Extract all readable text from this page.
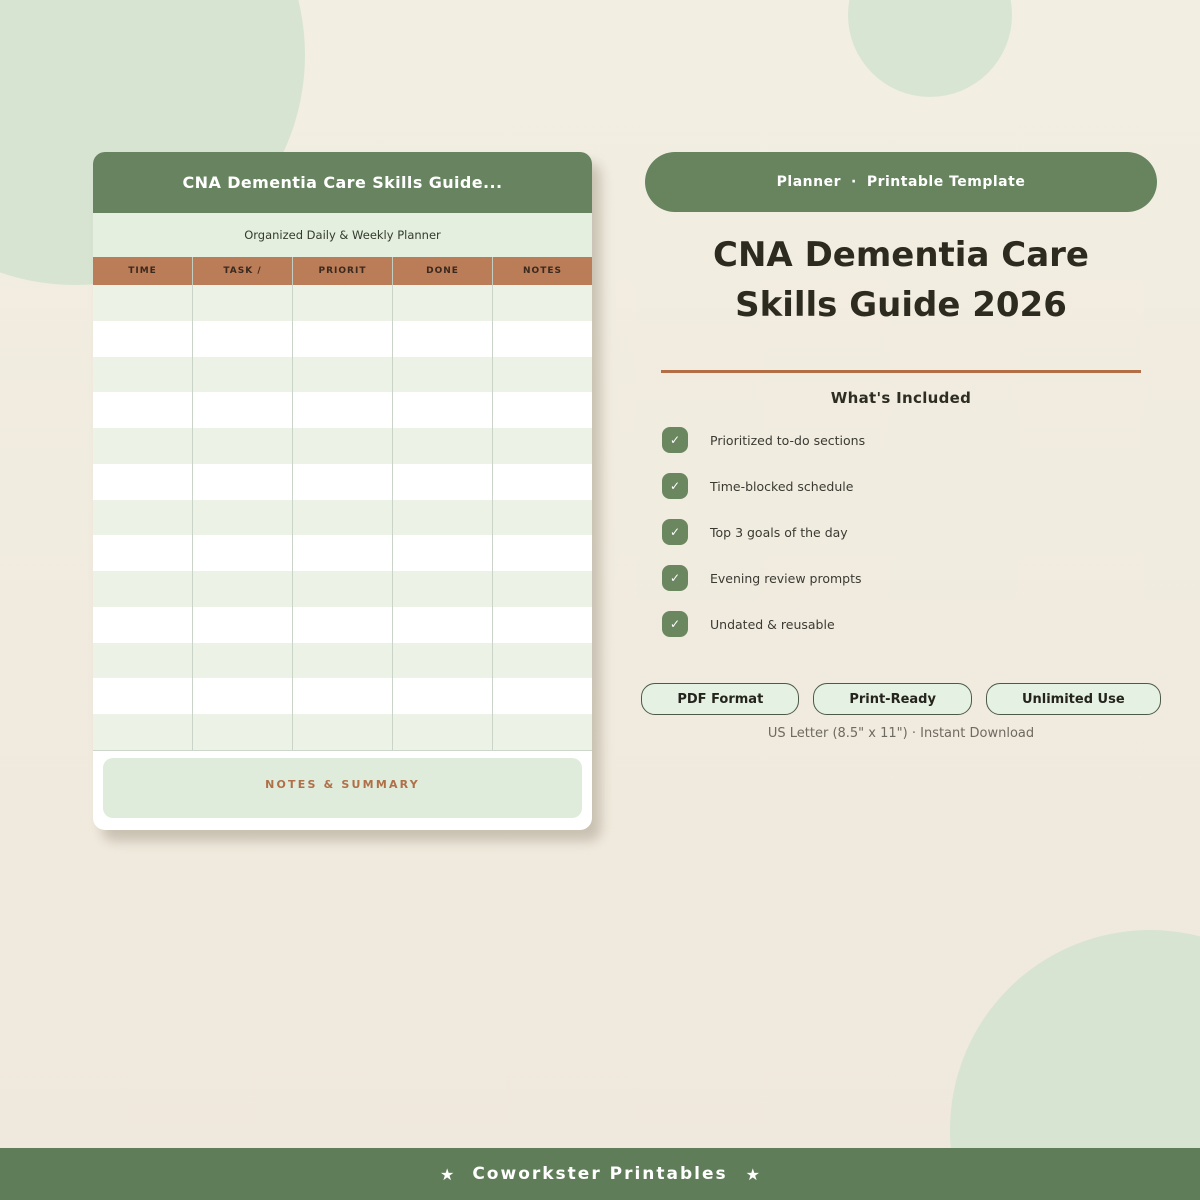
CNA Dementia Care Skills Guide...
Organized Daily & Weekly Planner
TIME	TASK /	PRIORIT	DONE	NOTES
NOTES & SUMMARY
Planner · Printable Template
CNA Dementia Care
Skills Guide 2026
What's Included
✓	Prioritized to-do sections
✓	Time-blocked schedule
✓	Top 3 goals of the day
✓	Evening review prompts
✓	Undated & reusable
PDF Format	Print-Ready	Unlimited Use
US Letter (8.5" x 11") · Instant Download
★ Coworkster Printables ★
